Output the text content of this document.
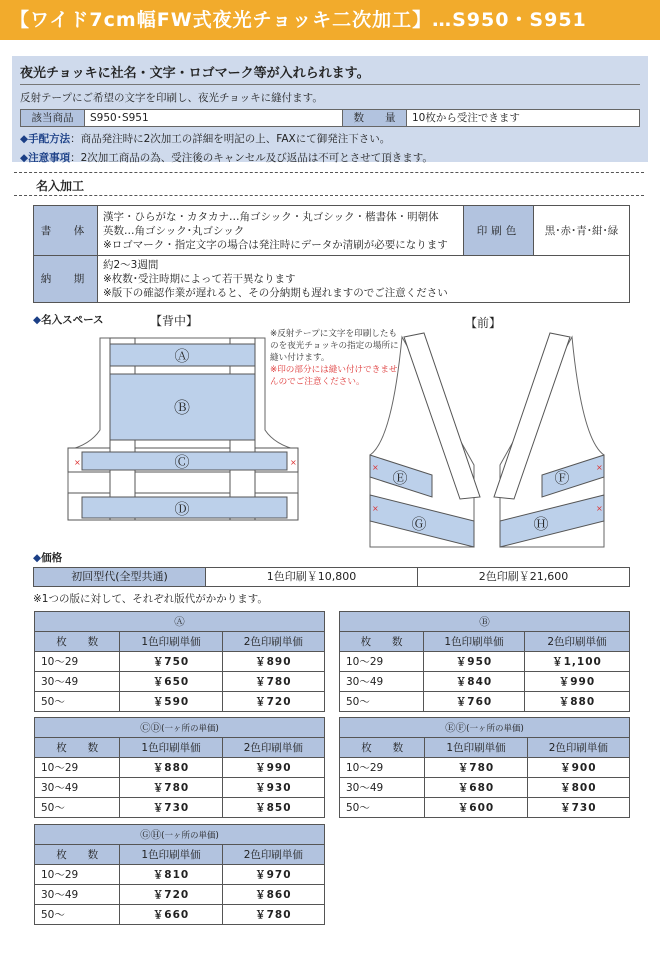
【ワイド7cm幅FW式夜光チョッキ二次加工】…S950・S951
夜光チョッキに社名・文字・ロゴマーク等が入れられます。
反射テープにご希望の文字を印刷し、夜光チョッキに縫付ます。
該当商品	S950･S951	数　　量	10枚から受注できます
◆手配方法：商品発注時に2次加工の詳細を明記の上、FAXにて御発注下さい。
◆注意事項：2次加工商品の為、受注後のキャンセル及び返品は不可とさせて頂きます。
名入加工
書　体	漢字・ひらがな・カタカナ…角ゴシック・丸ゴシック・楷書体・明朝体
英数…角ゴシック･丸ゴシック
※ロゴマーク・指定文字の場合は発注時にデータか清刷が必要になります	印刷色	黒･赤･青･紺･緑
納　期	約2～3週間
※枚数･受注時期によって若干異なります
※版下の確認作業が遅れると、その分納期も遅れますのでご注意ください		
◆名入スペース	【背中】	【前】
※反射テープに文字を印刷したものを夜光チョッキの指定の場所に縫い付けます。
※印の部分には縫い付けできませんのでご注意ください。
Ⓐ
Ⓑ
Ⓒ
Ⓓ
×	×
Ⓔ	Ⓕ
Ⓖ	Ⓗ
×	×
×	×
◆価格
初回型代(全型共通)	1色印刷￥10,800	2色印刷￥21,600
※1つの版に対して、それぞれ版代がかかります。
Ⓐ		
枚　　数	1色印刷単価	2色印刷単価
10～29	￥750	￥890
30～49	￥650	￥780
50～	￥590	￥720
Ⓑ		
枚　　数	1色印刷単価	2色印刷単価
10～29	￥950	￥1,100
30～49	￥840	￥990
50～	￥760	￥880
ⒸⒹ(一ヶ所の単価)		
枚　　数	1色印刷単価	2色印刷単価
10～29	￥880	￥990
30～49	￥780	￥930
50～	￥730	￥850
ⒺⒻ(一ヶ所の単価)		
枚　　数	1色印刷単価	2色印刷単価
10～29	￥780	￥900
30～49	￥680	￥800
50～	￥600	￥730
ⒼⒽ(一ヶ所の単価)		
枚　　数	1色印刷単価	2色印刷単価
10～29	￥810	￥970
30～49	￥720	￥860
50～	￥660	￥780
